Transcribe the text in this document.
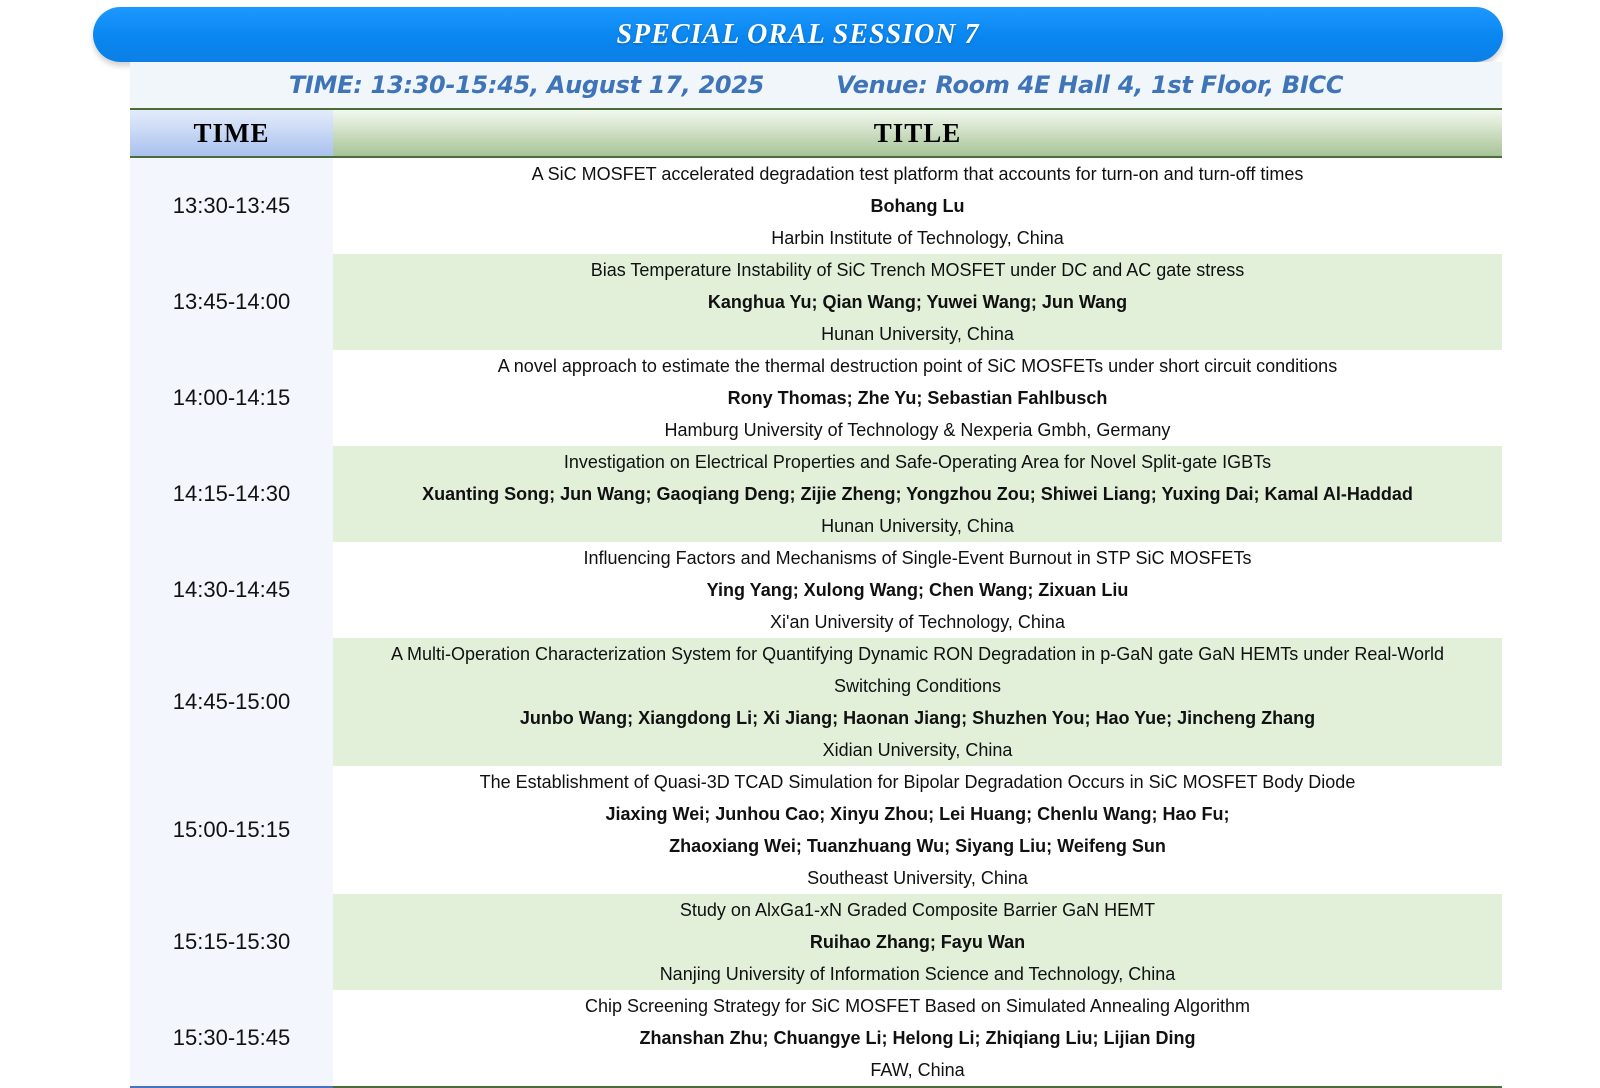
SPECIAL ORAL SESSION 7
TIME: 13:30-15:45, August 17, 2025	Venue: Room 4E Hall 4, 1st Floor, BICC
TIME	TITLE
13:30-13:45
A SiC MOSFET accelerated degradation test platform that accounts for turn-on and turn-off times
Bohang Lu
Harbin Institute of Technology, China
13:45-14:00
Bias Temperature Instability of SiC Trench MOSFET under DC and AC gate stress
Kanghua Yu; Qian Wang; Yuwei Wang; Jun Wang
Hunan University, China
14:00-14:15
A novel approach to estimate the thermal destruction point of SiC MOSFETs under short circuit conditions
Rony Thomas; Zhe Yu; Sebastian Fahlbusch
Hamburg University of Technology & Nexperia Gmbh, Germany
14:15-14:30
Investigation on Electrical Properties and Safe-Operating Area for Novel Split-gate IGBTs
Xuanting Song; Jun Wang; Gaoqiang Deng; Zijie Zheng; Yongzhou Zou; Shiwei Liang; Yuxing Dai; Kamal Al-Haddad
Hunan University, China
14:30-14:45
Influencing Factors and Mechanisms of Single-Event Burnout in STP SiC MOSFETs
Ying Yang; Xulong Wang; Chen Wang; Zixuan Liu
Xi'an University of Technology, China
14:45-15:00
A Multi-Operation Characterization System for Quantifying Dynamic RON Degradation in p-GaN gate GaN HEMTs under Real-World
Switching Conditions
Junbo Wang; Xiangdong Li; Xi Jiang; Haonan Jiang; Shuzhen You; Hao Yue; Jincheng Zhang
Xidian University, China
15:00-15:15
The Establishment of Quasi-3D TCAD Simulation for Bipolar Degradation Occurs in SiC MOSFET Body Diode
Jiaxing Wei; Junhou Cao; Xinyu Zhou; Lei Huang; Chenlu Wang; Hao Fu;
Zhaoxiang Wei; Tuanzhuang Wu; Siyang Liu; Weifeng Sun
Southeast University, China
15:15-15:30
Study on AlxGa1-xN Graded Composite Barrier GaN HEMT
Ruihao Zhang; Fayu Wan
Nanjing University of Information Science and Technology, China
15:30-15:45
Chip Screening Strategy for SiC MOSFET Based on Simulated Annealing Algorithm
Zhanshan Zhu; Chuangye Li; Helong Li; Zhiqiang Liu; Lijian Ding
FAW, China
